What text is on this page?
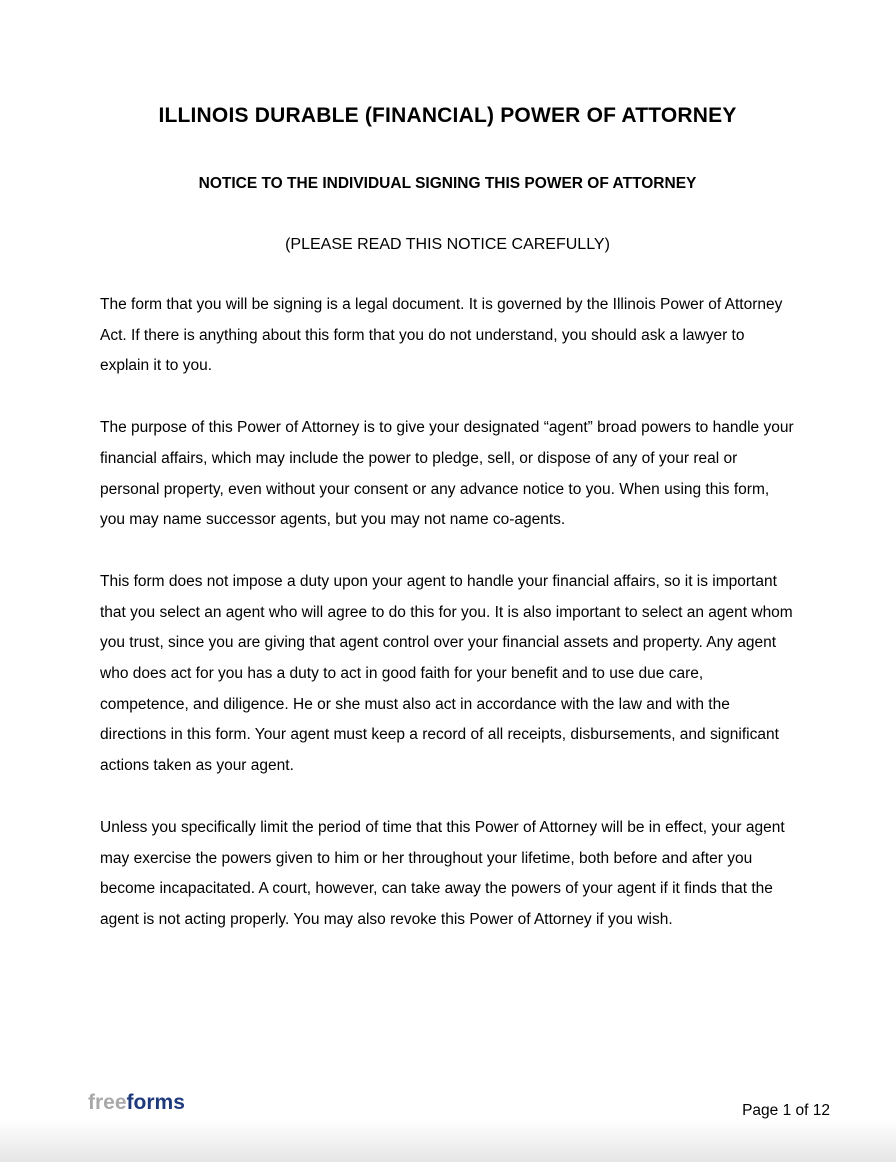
ILLINOIS DURABLE (FINANCIAL) POWER OF ATTORNEY
NOTICE TO THE INDIVIDUAL SIGNING THIS POWER OF ATTORNEY
(PLEASE READ THIS NOTICE CAREFULLY)

The form that you will be signing is a legal document. It is governed by the Illinois Power of Attorney Act. If there is anything about this form that you do not understand, you should ask a lawyer to explain it to you.

The purpose of this Power of Attorney is to give your designated “agent” broad powers to handle your financial affairs, which may include the power to pledge, sell, or dispose of any of your real or personal property, even without your consent or any advance notice to you. When using this form, you may name successor agents, but you may not name co-agents.

This form does not impose a duty upon your agent to handle your financial affairs, so it is important that you select an agent who will agree to do this for you. It is also important to select an agent whom you trust, since you are giving that agent control over your financial assets and property. Any agent who does act for you has a duty to act in good faith for your benefit and to use due care, competence, and diligence. He or she must also act in accordance with the law and with the directions in this form. Your agent must keep a record of all receipts, disbursements, and significant actions taken as your agent.

Unless you specifically limit the period of time that this Power of Attorney will be in effect, your agent may exercise the powers given to him or her throughout your lifetime, both before and after you become incapacitated. A court, however, can take away the powers of your agent if it finds that the agent is not acting properly. You may also revoke this Power of Attorney if you wish.

freeforms	Page 1 of 12
